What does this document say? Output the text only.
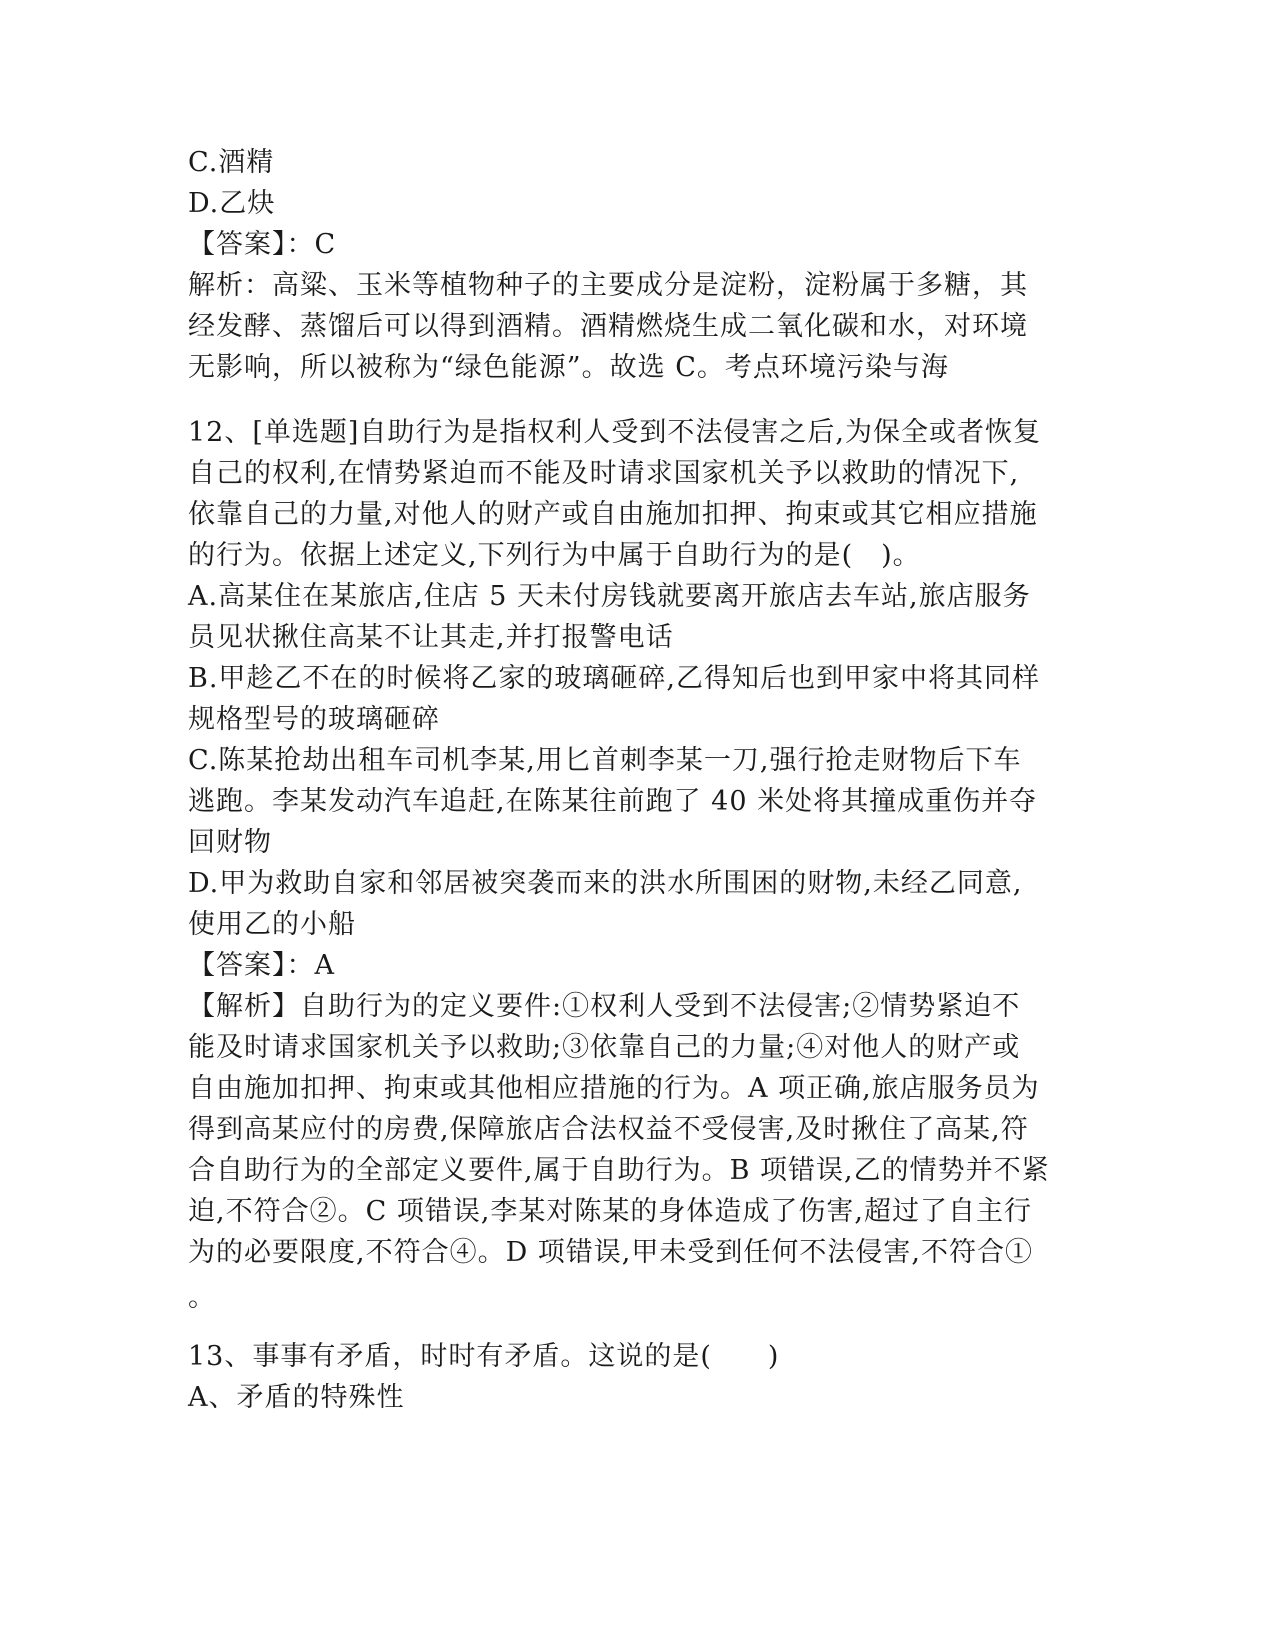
C.酒精
D.乙炔
【答案】：C
解析：高粱、玉米等植物种子的主要成分是淀粉，淀粉属于多糖，其
经发酵、蒸馏后可以得到酒精。酒精燃烧生成二氧化碳和水，对环境
无影响，所以被称为“绿色能源”。故选 C。考点环境污染与海
12、[单选题]自助行为是指权利人受到不法侵害之后,为保全或者恢复
自己的权利,在情势紧迫而不能及时请求国家机关予以救助的情况下,
依靠自己的力量,对他人的财产或自由施加扣押、拘束或其它相应措施
的行为。依据上述定义,下列行为中属于自助行为的是(　)。
A.高某住在某旅店,住店 5 天未付房钱就要离开旅店去车站,旅店服务
员见状揪住高某不让其走,并打报警电话
B.甲趁乙不在的时候将乙家的玻璃砸碎,乙得知后也到甲家中将其同样
规格型号的玻璃砸碎
C.陈某抢劫出租车司机李某,用匕首刺李某一刀,强行抢走财物后下车
逃跑。李某发动汽车追赶,在陈某往前跑了 40 米处将其撞成重伤并夺
回财物
D.甲为救助自家和邻居被突袭而来的洪水所围困的财物,未经乙同意,
使用乙的小船
【答案】：A
【解析】自助行为的定义要件:①权利人受到不法侵害;②情势紧迫不
能及时请求国家机关予以救助;③依靠自己的力量;④对他人的财产或
自由施加扣押、拘束或其他相应措施的行为。A 项正确,旅店服务员为
得到高某应付的房费,保障旅店合法权益不受侵害,及时揪住了高某,符
合自助行为的全部定义要件,属于自助行为。B 项错误,乙的情势并不紧
迫,不符合②。C 项错误,李某对陈某的身体造成了伤害,超过了自主行
为的必要限度,不符合④。D 项错误,甲未受到任何不法侵害,不符合①
。
13、事事有矛盾，时时有矛盾。这说的是(　　)
A、矛盾的特殊性
